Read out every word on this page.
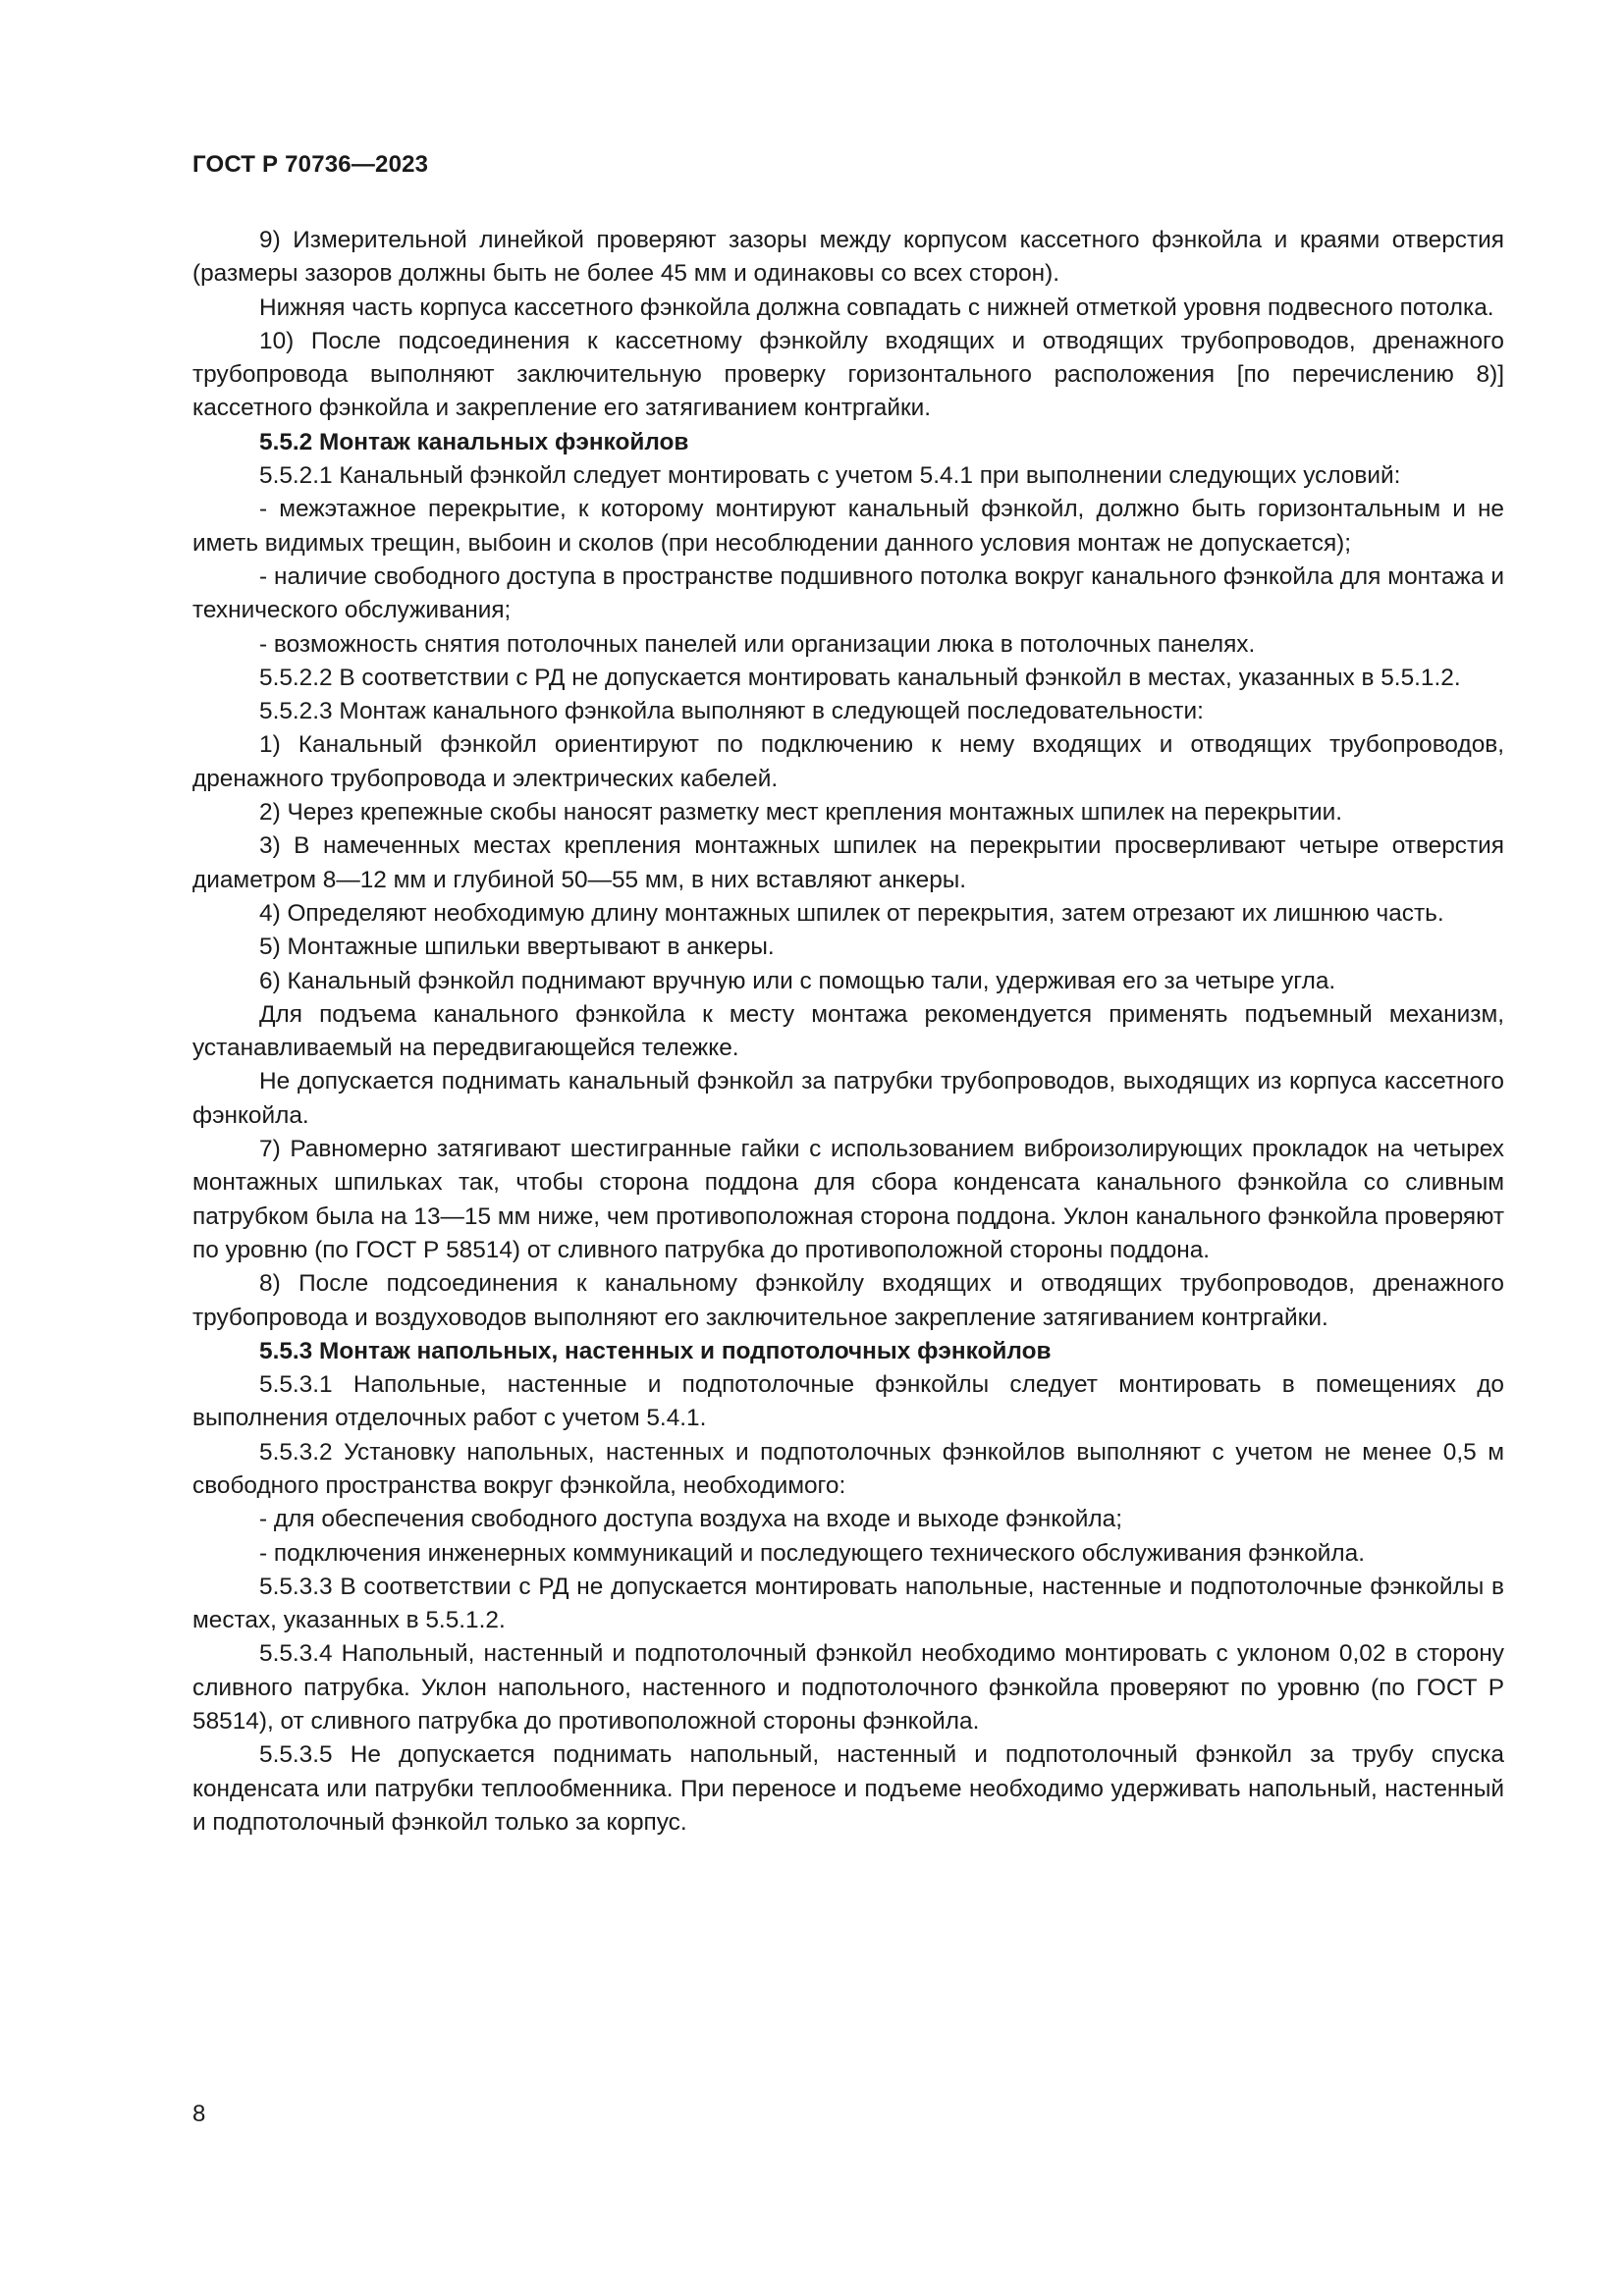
ГОСТ Р 70736—2023

9) Измерительной линейкой проверяют зазоры между корпусом кассетного фэнкойла и краями отверстия (размеры зазоров должны быть не более 45 мм и одинаковы со всех сторон).

Нижняя часть корпуса кассетного фэнкойла должна совпадать с нижней отметкой уровня подвесного потолка.

10) После подсоединения к кассетному фэнкойлу входящих и отводящих трубопроводов, дренажного трубопровода выполняют заключительную проверку горизонтального расположения [по перечислению 8)] кассетного фэнкойла и закрепление его затягиванием контргайки.

5.5.2 Монтаж канальных фэнкойлов

5.5.2.1 Канальный фэнкойл следует монтировать с учетом 5.4.1 при выполнении следующих условий:

- межэтажное перекрытие, к которому монтируют канальный фэнкойл, должно быть горизонтальным и не иметь видимых трещин, выбоин и сколов (при несоблюдении данного условия монтаж не допускается);

- наличие свободного доступа в пространстве подшивного потолка вокруг канального фэнкойла для монтажа и технического обслуживания;

- возможность снятия потолочных панелей или организации люка в потолочных панелях.

5.5.2.2 В соответствии с РД не допускается монтировать канальный фэнкойл в местах, указанных в 5.5.1.2.

5.5.2.3 Монтаж канального фэнкойла выполняют в следующей последовательности:

1) Канальный фэнкойл ориентируют по подключению к нему входящих и отводящих трубопроводов, дренажного трубопровода и электрических кабелей.

2) Через крепежные скобы наносят разметку мест крепления монтажных шпилек на перекрытии.

3) В намеченных местах крепления монтажных шпилек на перекрытии просверливают четыре отверстия диаметром 8—12 мм и глубиной 50—55 мм, в них вставляют анкеры.

4) Определяют необходимую длину монтажных шпилек от перекрытия, затем отрезают их лишнюю часть.

5) Монтажные шпильки ввертывают в анкеры.

6) Канальный фэнкойл поднимают вручную или с помощью тали, удерживая его за четыре угла.

Для подъема канального фэнкойла к месту монтажа рекомендуется применять подъемный механизм, устанавливаемый на передвигающейся тележке.

Не допускается поднимать канальный фэнкойл за патрубки трубопроводов, выходящих из корпуса кассетного фэнкойла.

7) Равномерно затягивают шестигранные гайки с использованием виброизолирующих прокладок на четырех монтажных шпильках так, чтобы сторона поддона для сбора конденсата канального фэнкойла со сливным патрубком была на 13—15 мм ниже, чем противоположная сторона поддона. Уклон канального фэнкойла проверяют по уровню (по ГОСТ Р 58514) от сливного патрубка до противоположной стороны поддона.

8) После подсоединения к канальному фэнкойлу входящих и отводящих трубопроводов, дренажного трубопровода и воздуховодов выполняют его заключительное закрепление затягиванием контргайки.

5.5.3 Монтаж напольных, настенных и подпотолочных фэнкойлов

5.5.3.1 Напольные, настенные и подпотолочные фэнкойлы следует монтировать в помещениях до выполнения отделочных работ с учетом 5.4.1.

5.5.3.2 Установку напольных, настенных и подпотолочных фэнкойлов выполняют с учетом не менее 0,5 м свободного пространства вокруг фэнкойла, необходимого:

- для обеспечения свободного доступа воздуха на входе и выходе фэнкойла;

- подключения инженерных коммуникаций и последующего технического обслуживания фэнкойла.

5.5.3.3 В соответствии с РД не допускается монтировать напольные, настенные и подпотолочные фэнкойлы в местах, указанных в 5.5.1.2.

5.5.3.4 Напольный, настенный и подпотолочный фэнкойл необходимо монтировать с уклоном 0,02 в сторону сливного патрубка. Уклон напольного, настенного и подпотолочного фэнкойла проверяют по уровню (по ГОСТ Р 58514), от сливного патрубка до противоположной стороны фэнкойла.

5.5.3.5 Не допускается поднимать напольный, настенный и подпотолочный фэнкойл за трубу спуска конденсата или патрубки теплообменника. При переносе и подъеме необходимо удерживать напольный, настенный и подпотолочный фэнкойл только за корпус.

8
